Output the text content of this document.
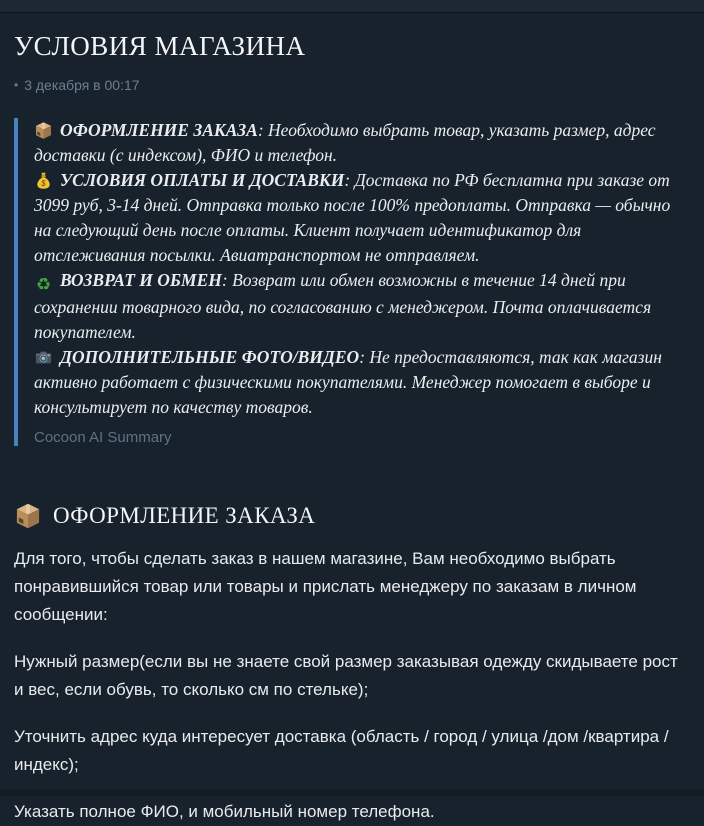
УСЛОВИЯ МАГАЗИНА
• 3 декабря в 00:17
ОФОРМЛЕНИЕ ЗАКАЗА: Необходимо выбрать товар, указать размер, адрес доставки (с индексом), ФИО и телефон.
УСЛОВИЯ ОПЛАТЫ И ДОСТАВКИ: Доставка по РФ бесплатна при заказе от 3099 руб, 3-14 дней. Отправка только после 100% предоплаты. Отправка — обычно на следующий день после оплаты. Клиент получает идентификатор для отслеживания посылки. Авиатранспортом не отправляем.
♻ ВОЗВРАТ И ОБМЕН: Возврат или обмен возможны в течение 14 дней при сохранении товарного вида, по согласованию с менеджером. Почта оплачивается покупателем.
ДОПОЛНИТЕЛЬНЫЕ ФОТО/ВИДЕО: Не предоставляются, так как магазин активно работает с физическими покупателями. Менеджер помогает в выборе и консультирует по качеству товаров.
Cocoon AI Summary
ОФОРМЛЕНИЕ ЗАКАЗА

Для того, чтобы сделать заказ в нашем магазине, Вам необходимо выбрать понравившийся товар или товары и прислать менеджеру по заказам в личном сообщении:

Нужный размер(если вы не знаете свой размер заказывая одежду скидываете рост и вес, если обувь, то сколько см по стельке);

Уточнить адрес куда интересует доставка (область / город / улица /дом /квартира / индекс);

Указать полное ФИО, и мобильный номер телефона.
